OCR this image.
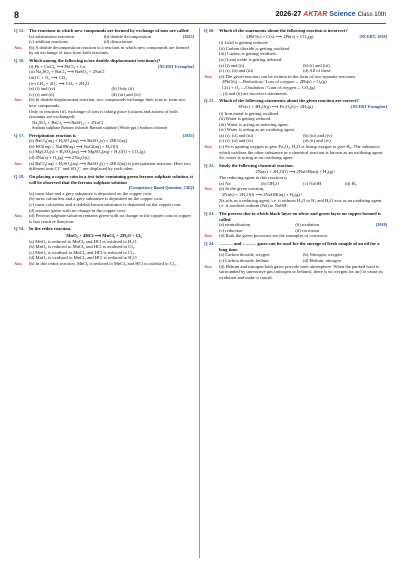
8	2026-27 AKTAR Science Class 10th
Q 15. The reactions in which new compounds are formed by exchange of ions are called
[2023]
(a) substitution reactions	(b) double decomposition
(c) addition reactions	(d) dissociation
Ans.	(b) A double decomposition reaction is a reaction in which new compounds are formed by an exchange of ions from both reactants.
Q 16. Which among the following is/are double displacement reaction(s)?
[NCERT Exemplar]
(i) Pb + CuCl₂ ⟶ PbCl₂ + Cu
(ii) Na₂SO₄ + BaCl₂ ⟶ BaSO₄ + 2NaCl
(iii) C + O₂ ⟶ CO₂
(iv) CH₄ + 2O₂ ⟶ CO₂ + 2H₂O
(a) (i) and (iv)	(b) Only (ii)
(c) (i) and (ii)	(d) (iii) and (iv)
Ans.	(b) In double displacement reaction, two compounds exchange their ions to form two new compounds.
Only in reaction (ii), exchange of ions is taking place (cations and anions of both reactants are exchanged).
Na₂SO₄ + BaCl₂ ⟶ BaSO₄↓ + 2NaCl
Sodium sulphate Barium chloride Barium sulphate (White ppt.) Sodium chloride
Q 17. Precipitation reaction is	[2025]
(a) BaCl₂(aq) + H₂SO₄(aq) ⟶ BaSO₄(s) + 2HCl(aq)
(b) HCl(aq) + NaOH(aq) ⟶ NaCl(aq) + H₂O(l)
(c) MgCO₃(s) + H₂SO₄(aq) ⟶ MgSO₄(aq) + H₂O(l) + CO₂(g)
(d) 4Na(s) + O₂(g) ⟶ 2Na₂O(s)
Ans.	(a) BaCl₂(aq) + H₂SO₄(aq) ⟶ BaSO₄(s) + 2HCl(aq) is precipitation reaction. Here two different ions Cl⁻ and SO₄²⁻ are displaced by each other.
Q 18. On placing a copper coin in a test tube containing green ferrous sulphate solution, it will be observed that the ferrous sulphate solution
[Competency Based Question, CBQ]
(a) turns blue and a grey substance is deposited on the copper coin.
(b) turns colourless and a grey substance is deposited on the copper coin.
(c) turns colourless and a reddish-brown substance is deposited on the copper coin.
(d) remains green with no change in the copper coin.
Ans.	(d) Ferrous sulphate solution remains green with no change in the copper coin as copper is less reactive than iron.
Q 19. In the redox reaction,
MnO₂ + 4HCl ⟶ MnCl₂ + 2H₂O + Cl₂
(a) MnO₂ is reduced to MnCl₂ and HCl is oxidised to H₂O.
(b) MnO₂ is reduced to MnCl₂ and HCl is oxidised to Cl₂.
(c) MnO₂ is oxidised to MnCl₂ and HCl is reduced to Cl₂.
(d) MnO₂ is oxidised to MnCl₂ and HCl is reduced to H₂O.
Ans.	(b) In this redox reaction, MnO₂ is reduced to MnCl₂ and HCl is oxidised to Cl₂.
Q 20. Which of the statements about the following reaction is incorrect?
[NCERT, 2019]
2PbO(s) + C(s) ⟶ 2Pb(s) + CO₂(g)
(i) Lead is getting reduced.
(ii) Carbon dioxide is getting oxidised.
(iii) Carbon is getting oxidised.
(iv) Lead oxide is getting reduced.
(a) (i) and (ii)	(b) (i) and (iii)
(c) (i), (ii) and (iii)	(d) All of these
Ans.	(a) The given reaction can be written in the form of two separate reactions
2PbO(s) —Reduction / Loss of oxygen→ 2Pb(s) + O₂(g)
C(s) + O₂ —Oxidation / Gain of oxygen→ CO₂(g)
∴ (i) and (ii) are incorrect statements.
Q 21. Which of the following statements about the given reaction are correct?
[NCERT Exemplar]
3Fe(s) + 4H₂O(g) ⟶ Fe₃O₄(s) + 4H₂(g)
(i) Iron metal is getting oxidised.
(ii) Water is getting reduced.
(iii) Water is acting as reducing agent.
(iv) Water is acting as an oxidising agent.
(a) (i), (ii) and (iii)	(b) (iii) and (iv)
(c) (i), (ii) and (iv)	(d) (ii) and (iv)
Ans.	(c) Fe is gaining oxygen to give Fe₃O₄. H₂O is losing oxygen to give H₂. The substance which oxidises the other substance in a chemical reaction is known as an oxidising agent. So, water is acting as an oxidising agent.
Q 22. Study the following chemical reaction.
2Na(s) + 2H₂O(l) ⟶ 2NaOH(aq) + H₂(g)↑
The reducing agent in this reaction is
(a) Na	(b) OH₂O	(c) NaOH	(d) H₂
Ans.	(a) In the given reaction,
2Na(s) + 2H₂O(l) ⟶ 2NaOH(aq) + H₂(g)↑
Na acts as a reducing agent, i.e. it reduces H₂O to H₂ and H₂O acts as an oxidising agent i.e. it oxidises sodium (Na) to NaOH.
Q 23. The process due to which black layer on silver and green layer on copper formed is called
[2018]
(a) neutralisation	(b) oxidation
(c) reduction	(d) corrosion
Ans.	(d) Both the given processes are the examples of corrosion.
Q 24. ……… and ……… gases can be used for the storage of fresh sample of an oil for a long time.
(a) Carbon dioxide, oxygen	(b) Nitrogen, oxygen
(c) Carbon dioxide, helium	(d) Helium, nitrogen
Ans.	(d) Helium and nitrogen both gases provide inert atmosphere. When the packed food is surrounded by unreactive gas (nitrogen or helium), there is no oxygen (or air) to cause its oxidation and make it rancid.
